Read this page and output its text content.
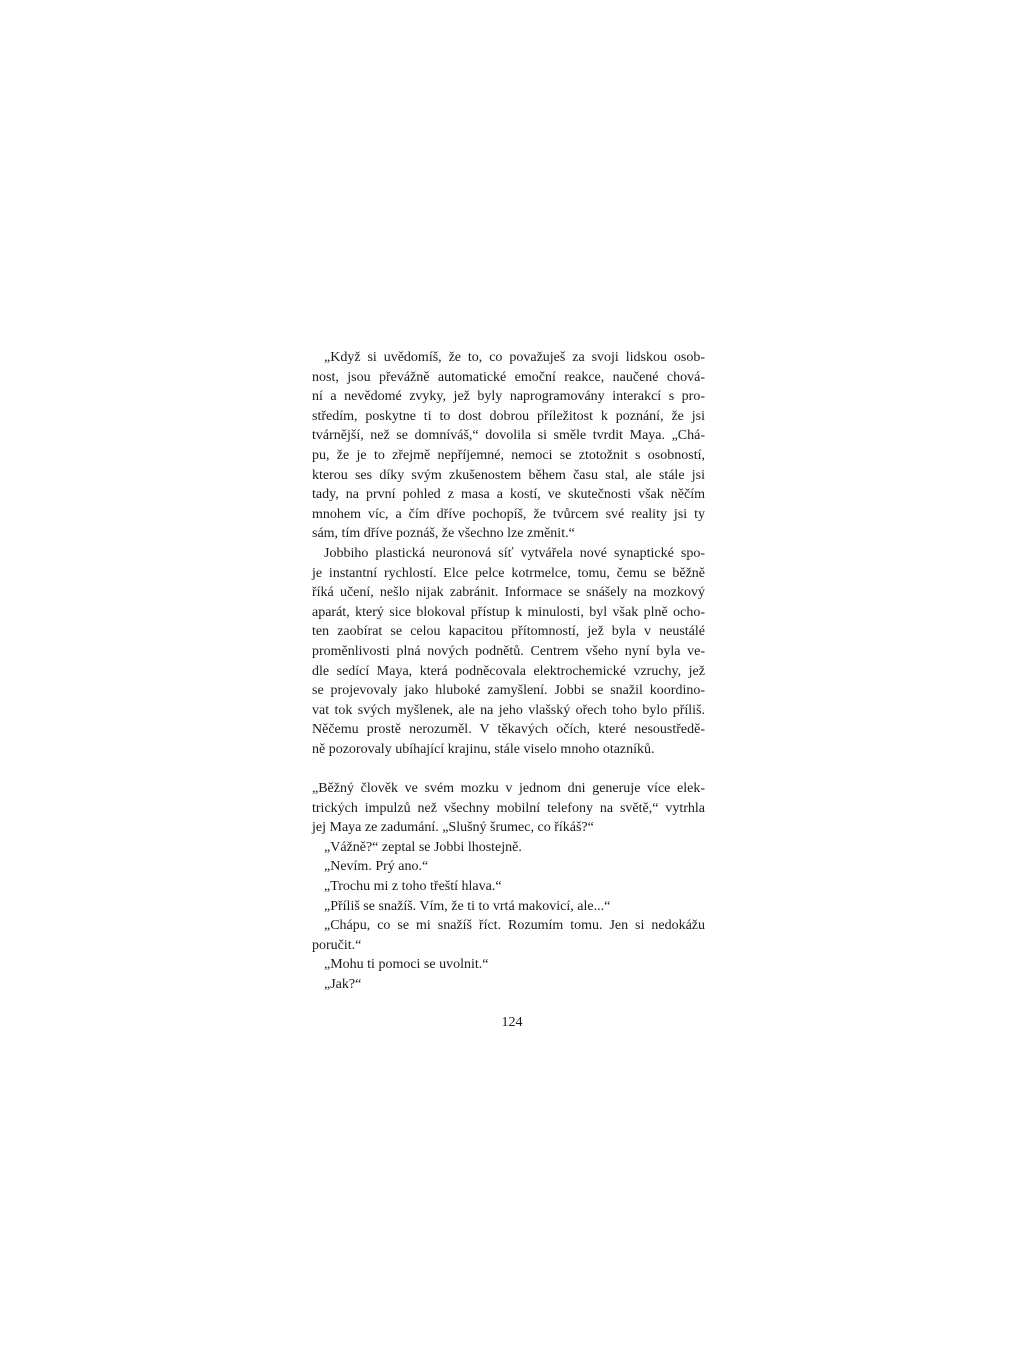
„Když si uvědomíš, že to, co považuješ za svoji lidskou osob-
nost, jsou převážně automatické emoční reakce, naučené chová-
ní a nevědomé zvyky, jež byly naprogramovány interakcí s pro-
středím, poskytne ti to dost dobrou příležitost k poznání, že jsi
tvárnější, než se domníváš,“ dovolila si směle tvrdit Maya. „Chá-
pu, že je to zřejmě nepříjemné, nemoci se ztotožnit s osobností,
kterou ses díky svým zkušenostem během času stal, ale stále jsi
tady, na první pohled z masa a kostí, ve skutečnosti však něčím
mnohem víc, a čím dříve pochopíš, že tvůrcem své reality jsi ty
sám, tím dříve poznáš, že všechno lze změnit.“
Jobbiho plastická neuronová síť vytvářela nové synaptické spo-
je instantní rychlostí. Elce pelce kotrmelce, tomu, čemu se běžně
říká učení, nešlo nijak zabránit. Informace se snášely na mozkový
aparát, který sice blokoval přístup k minulosti, byl však plně ocho-
ten zaobírat se celou kapacitou přítomností, jež byla v neustálé
proměnlivosti plná nových podnětů. Centrem všeho nyní byla ve-
dle sedící Maya, která podněcovala elektrochemické vzruchy, jež
se projevovaly jako hluboké zamyšlení. Jobbi se snažil koordino-
vat tok svých myšlenek, ale na jeho vlašský ořech toho bylo příliš.
Něčemu prostě nerozuměl. V těkavých očích, které nesoustředě-
ně pozorovaly ubíhající krajinu, stále viselo mnoho otazníků.
„Běžný člověk ve svém mozku v jednom dni generuje více elek-
trických impulzů než všechny mobilní telefony na světě,“ vytrhla
jej Maya ze zadumání. „Slušný šrumec, co říkáš?“
„Vážně?“ zeptal se Jobbi lhostejně.
„Nevím. Prý ano.“
„Trochu mi z toho třeští hlava.“
„Příliš se snažíš. Vím, že ti to vrtá makovicí, ale...“
„Chápu, co se mi snažíš říct. Rozumím tomu. Jen si nedokážu
poručit.“
„Mohu ti pomoci se uvolnit.“
„Jak?“
124
